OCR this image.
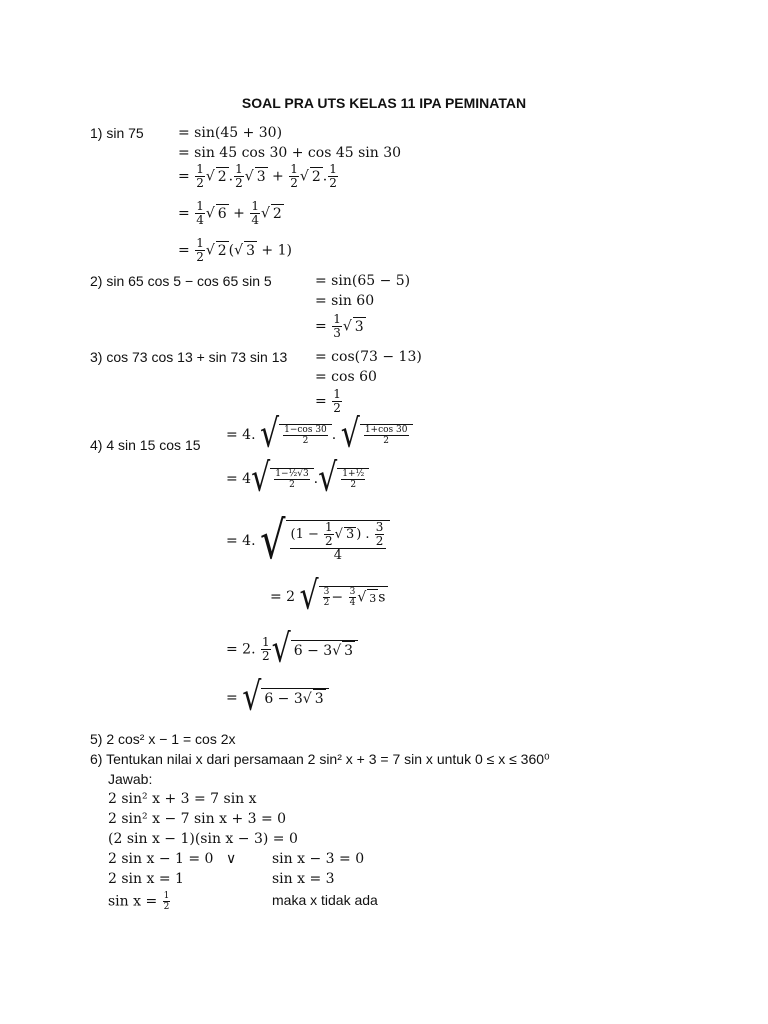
SOAL PRA UTS KELAS 11 IPA PEMINATAN
1) sin 75 = sin(45 + 30)
= sin 45 cos 30 + cos 45 sin 30
= $\frac{1}{2}$ √ 2 . $\frac{1}{2}$ √ $3 + \frac{1}{2}$ √ 2 . $\frac{1}{2}$
= $\frac{1}{4}$ √ $6 + \frac{1}{4}$ √ 2
= $\frac{1}{2}$ √ 2 (√ 3 + 1)
2) sin 65 cos 5 − cos 65 sin 5	= sin(65 − 5)
= sin 60
= $\frac{1}{3}$ √ 3
3) cos 73 cos 13 + sin 73 sin 13 = cos(73 − 13)
= cos 60
= $\frac{1}{2}$
4) 4 sin 15 cos 15
= 4. √ $\frac{1-\cos 30}{2}$ . √ $\frac{1+\cos 30}{2}$
= $4√ \frac{\text{1−½√3}}{2}$ .√ $\frac{\text{1+½}}{2}$
= 4. √ $\frac{(1 - \frac{1}{2} √ 3 ) . \frac{3}{2}}{4}$
= 2 √ $\frac{3}{2} - \frac{3}{4}$ √ 3 s
= 2. $\frac{1}{2}$ √ 6 − 3√ 3
= √ 6 − 3√ 3
5) 2 cos² x − 1 = cos 2x
6) Tentukan nilai x dari persamaan 2 sin² x + 3 = 7 sin x untuk 0 ≤ x ≤ 360⁰
Jawab:
2 sin² x + 3 = 7 sin x
2 sin² x − 7 sin x + 3 = 0
(2 sin x − 1)(sin x − 3) = 0
2 sin x − 1 = 0 ∨	sin x − 3 = 0
2 sin x = 1	sin x = 3
$\sin x = \frac{1}{2}$	maka x tidak ada
